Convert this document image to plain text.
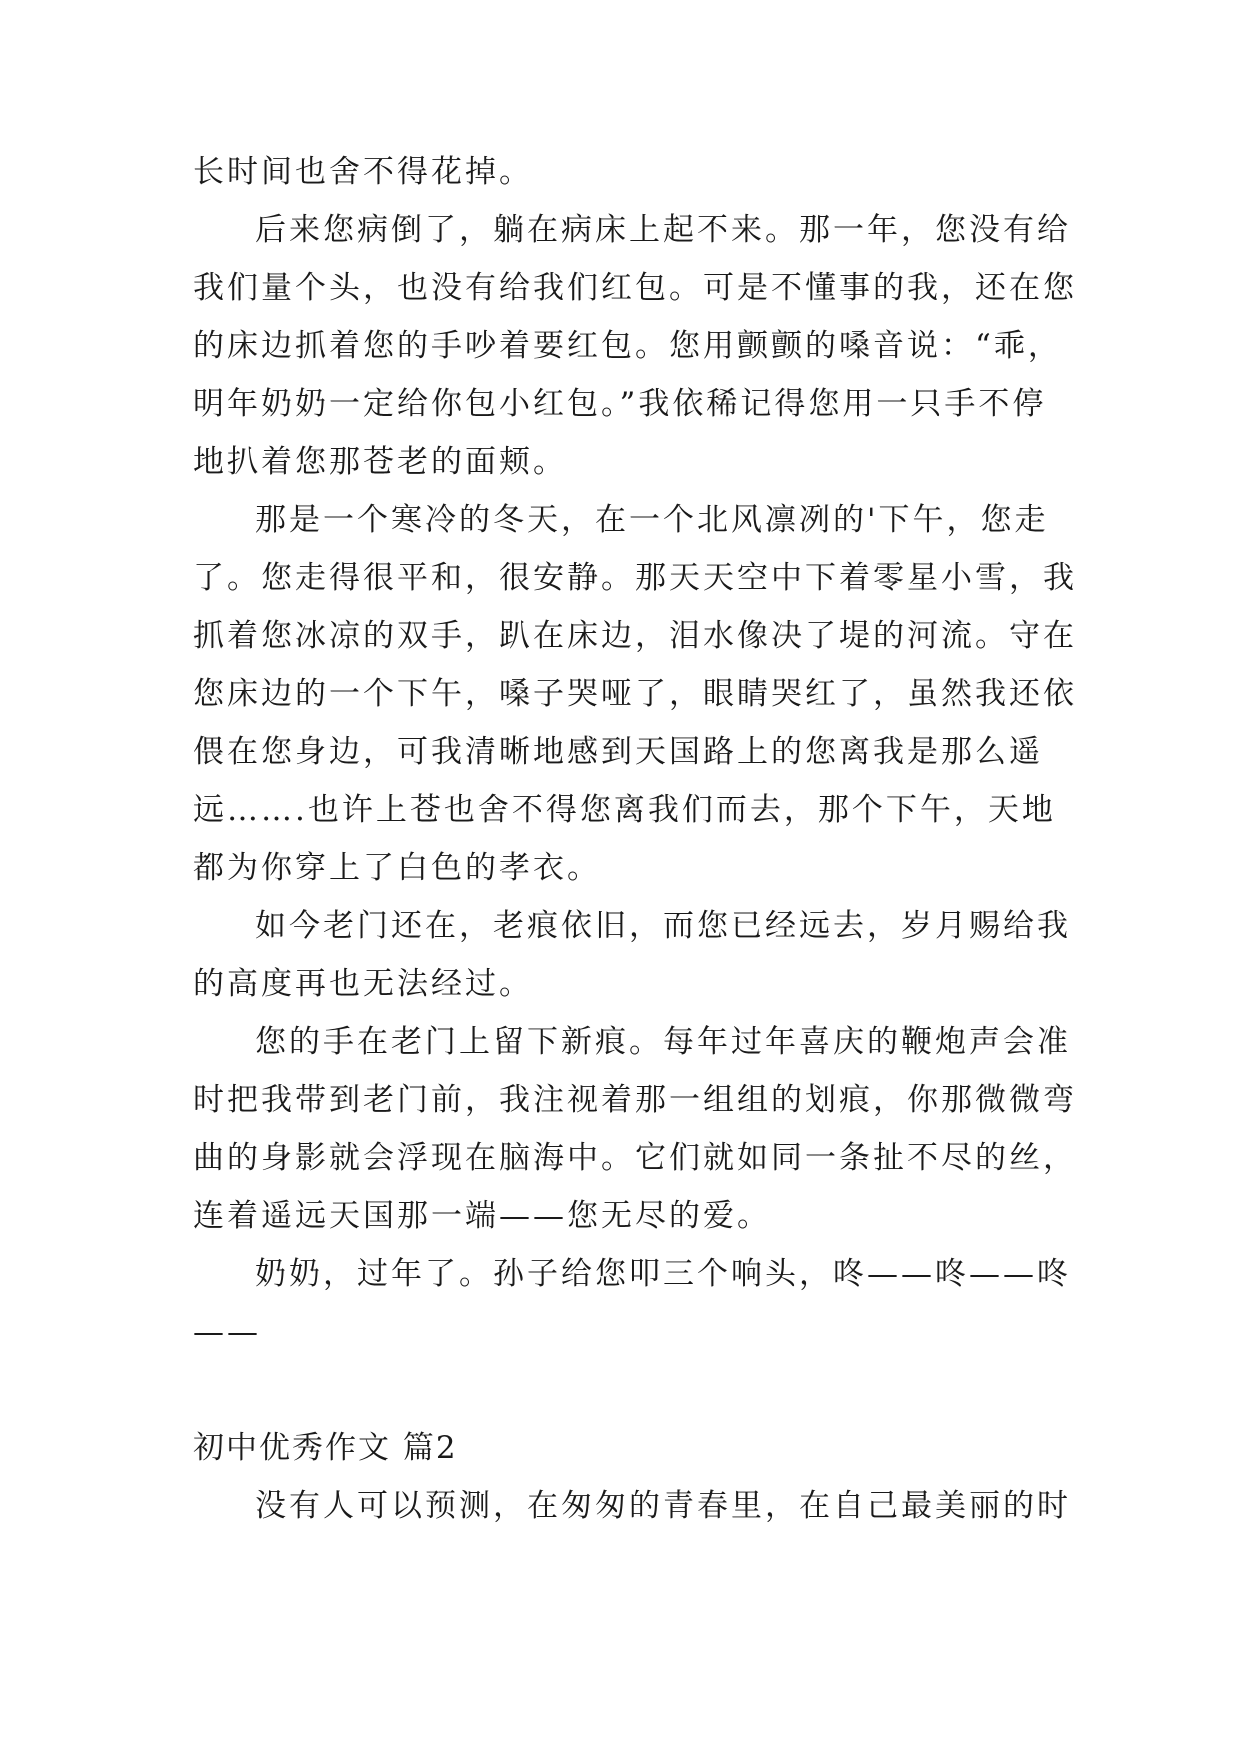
长时间也舍不得花掉。
后来您病倒了，躺在病床上起不来。那一年，您没有给
我们量个头，也没有给我们红包。可是不懂事的我，还在您
的床边抓着您的手吵着要红包。您用颤颤的嗓音说：“乖，
明年奶奶一定给你包小红包。”我依稀记得您用一只手不停
地扒着您那苍老的面颊。
那是一个寒冷的冬天，在一个北风凛冽的'下午，您走
了。您走得很平和，很安静。那天天空中下着零星小雪，我
抓着您冰凉的双手，趴在床边，泪水像决了堤的河流。守在
您床边的一个下午，嗓子哭哑了，眼睛哭红了，虽然我还依
偎在您身边，可我清晰地感到天国路上的您离我是那么遥
远…….也许上苍也舍不得您离我们而去，那个下午，天地
都为你穿上了白色的孝衣。
如今老门还在，老痕依旧，而您已经远去，岁月赐给我
的高度再也无法经过。
您的手在老门上留下新痕。每年过年喜庆的鞭炮声会准
时把我带到老门前，我注视着那一组组的划痕，你那微微弯
曲的身影就会浮现在脑海中。它们就如同一条扯不尽的丝，
连着遥远天国那一端——您无尽的爱。
奶奶，过年了。孙子给您叩三个响头，咚——咚——咚
——
初中优秀作文 篇2
没有人可以预测，在匆匆的青春里，在自己最美丽的时
